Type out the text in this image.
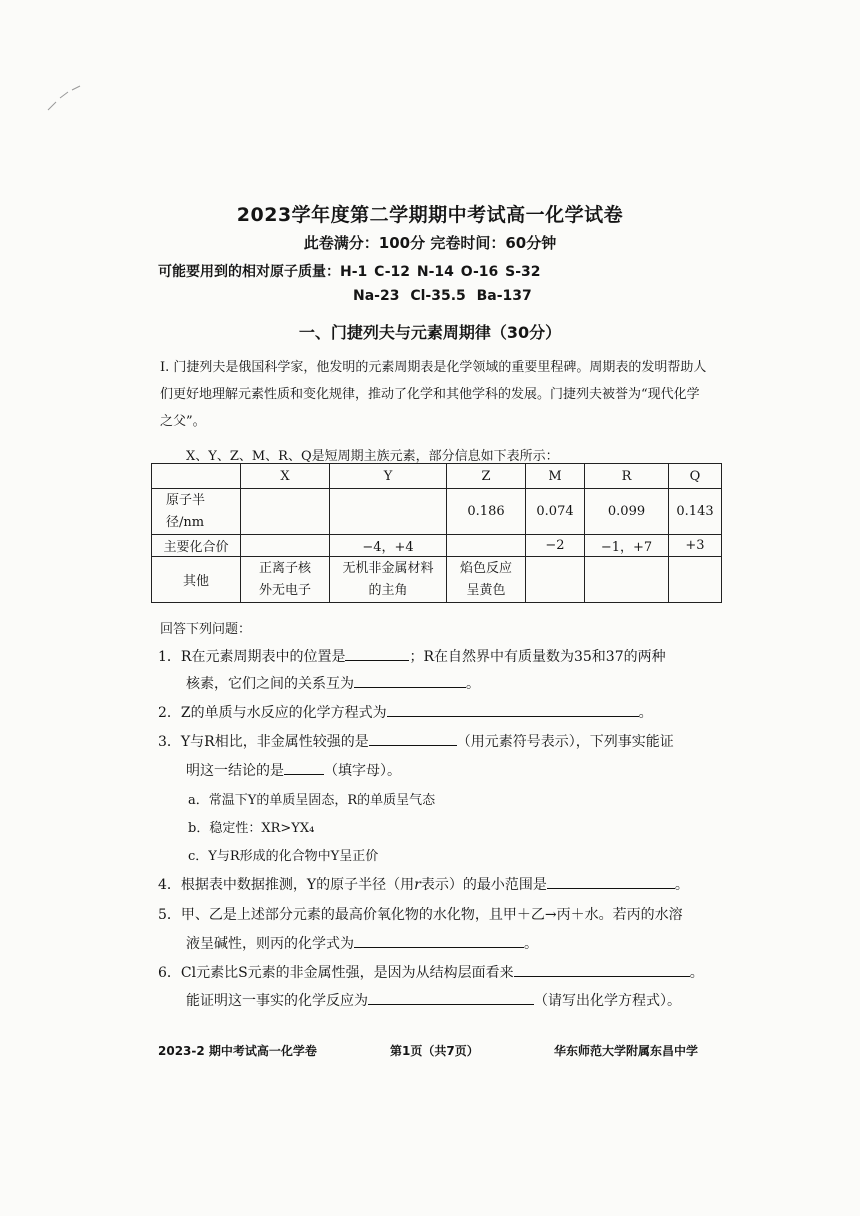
2023学年度第二学期期中考试高一化学试卷
此卷满分：100分 完卷时间：60分钟
可能要用到的相对原子质量：H-1 C-12 N-14 O-16 S-32
Na-23 Cl-35.5 Ba-137
一、门捷列夫与元素周期律（30分）
I. 门捷列夫是俄国科学家，他发明的元素周期表是化学领域的重要里程碑。周期表的发明帮助人们更好地理解元素性质和变化规律，推动了化学和其他学科的发展。门捷列夫被誉为“现代化学之父”。
X、Y、Z、M、R、Q是短周期主族元素，部分信息如下表所示：
	X	Y	Z	M	R	Q
原子半径/nm			0.186	0.074	0.099	0.143
主要化合价		−4，+4		−2	−1，+7	+3
其他	正离子核外无电子	无机非金属材料的主角	焰色反应呈黄色			
回答下列问题：
1．R在元素周期表中的位置是	；R在自然界中有质量数为35和37的两种
核素，它们之间的关系互为	。
2．Z的单质与水反应的化学方程式为	。
3．Y与R相比，非金属性较强的是	（用元素符号表示），下列事实能证
明这一结论的是	（填字母）。
a．常温下Y的单质呈固态，R的单质呈气态
b．稳定性：XR>YX₄
c．Y与R形成的化合物中Y呈正价
4．根据表中数据推测，Y的原子半径（用r表示）的最小范围是	。
5．甲、乙是上述部分元素的最高价氧化物的水化物，且甲＋乙→丙＋水。若丙的水溶
液呈碱性，则丙的化学式为	。
6．Cl元素比S元素的非金属性强，是因为从结构层面看来	。
能证明这一事实的化学反应为	（请写出化学方程式）。
2023-2 期中考试高一化学卷	第1页（共7页）	华东师范大学附属东昌中学
